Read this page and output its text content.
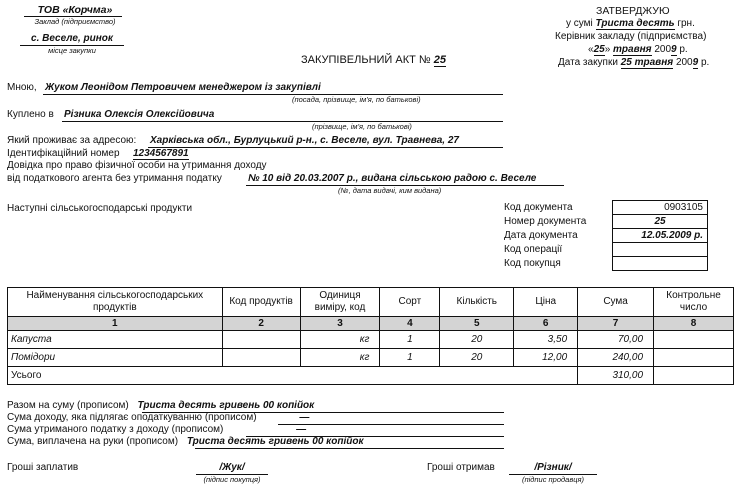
ТОВ «Корчма»
Заклад (підприємство)
с. Веселе, ринок
місце закупки
ЗАТВЕРДЖУЮ
у сумі Триста десять грн.
Керівник закладу (підприємства)
«25» травня 2009 р.
Дата закупки 25 травня 2009 р.
ЗАКУПІВЕЛЬНИЙ АКТ № 25
Мною, Жуком Леонідом Петровичем менеджером із закупівлі
(посада, прізвище, ім'я, по батькові)
Куплено в Різника Олексія Олексійовича
(прізвище, ім'я, по батькові)
Який проживає за адресою: Харківська обл., Бурлуцький р-н., с. Веселе, вул. Травнева, 27
Ідентифікаційний номер 1234567891
Довідка про право фізичної особи на утримання доходу
від податкового агента без утримання податку	№ 10 від 20.03.2007 р., видана сільською радою с. Веселе
(№, дата видачі, ким видана)
Наступні сільськогосподарські продукти	Код документа	0903105
Номер документа	25
Дата документа	12.05.2009 р.
Код операції	
Код покупця	
Найменування сільськогосподарських продуктів	Код продуктів	Одиниця виміру, код	Сорт	Кількість	Ціна	Сума	Контрольне число
1	2	3	4	5	6	7	8
Капуста		кг	1	20	3,50	70,00	
Помідори		кг	1	20	12,00	240,00	
Усього						310,00	
Разом на суму (прописом) Триста десять гривень 00 копійок
Сума доходу, яка підлягає оподаткуванню (прописом)	—
Сума утриманого податку з доходу (прописом)	—
Сума, виплачена на руки (прописом) Триста десять гривень 00 копійок
Гроші заплатив	/Жук/
(підпис покупця)
Гроші отримав	/Різник/
(підпис продавця)
